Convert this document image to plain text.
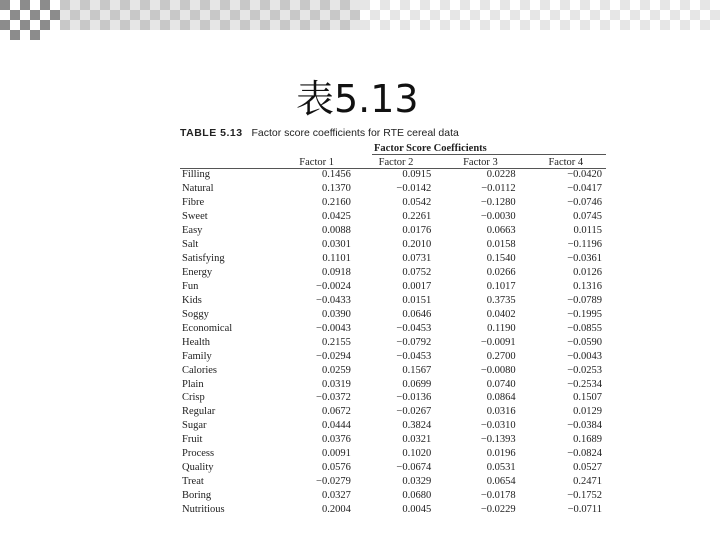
表5.13
TABLE 5.13 Factor score coefficients for RTE cereal data
Factor Score Coefficients
	Factor 1	Factor 2	Factor 3	Factor 4
Filling	0.1456	0.0915	0.0228	−0.0420
Natural	0.1370	−0.0142	−0.0112	−0.0417
Fibre	0.2160	0.0542	−0.1280	−0.0746
Sweet	0.0425	0.2261	−0.0030	0.0745
Easy	0.0088	0.0176	0.0663	0.0115
Salt	0.0301	0.2010	0.0158	−0.1196
Satisfying	0.1101	0.0731	0.1540	−0.0361
Energy	0.0918	0.0752	0.0266	0.0126
Fun	−0.0024	0.0017	0.1017	0.1316
Kids	−0.0433	0.0151	0.3735	−0.0789
Soggy	0.0390	0.0646	0.0402	−0.1995
Economical	−0.0043	−0.0453	0.1190	−0.0855
Health	0.2155	−0.0792	−0.0091	−0.0590
Family	−0.0294	−0.0453	0.2700	−0.0043
Calories	0.0259	0.1567	−0.0080	−0.0253
Plain	0.0319	0.0699	0.0740	−0.2534
Crisp	−0.0372	−0.0136	0.0864	0.1507
Regular	0.0672	−0.0267	0.0316	0.0129
Sugar	0.0444	0.3824	−0.0310	−0.0384
Fruit	0.0376	0.0321	−0.1393	0.1689
Process	0.0091	0.1020	0.0196	−0.0824
Quality	0.0576	−0.0674	0.0531	0.0527
Treat	−0.0279	0.0329	0.0654	0.2471
Boring	0.0327	0.0680	−0.0178	−0.1752
Nutritious	0.2004	0.0045	−0.0229	−0.0711
